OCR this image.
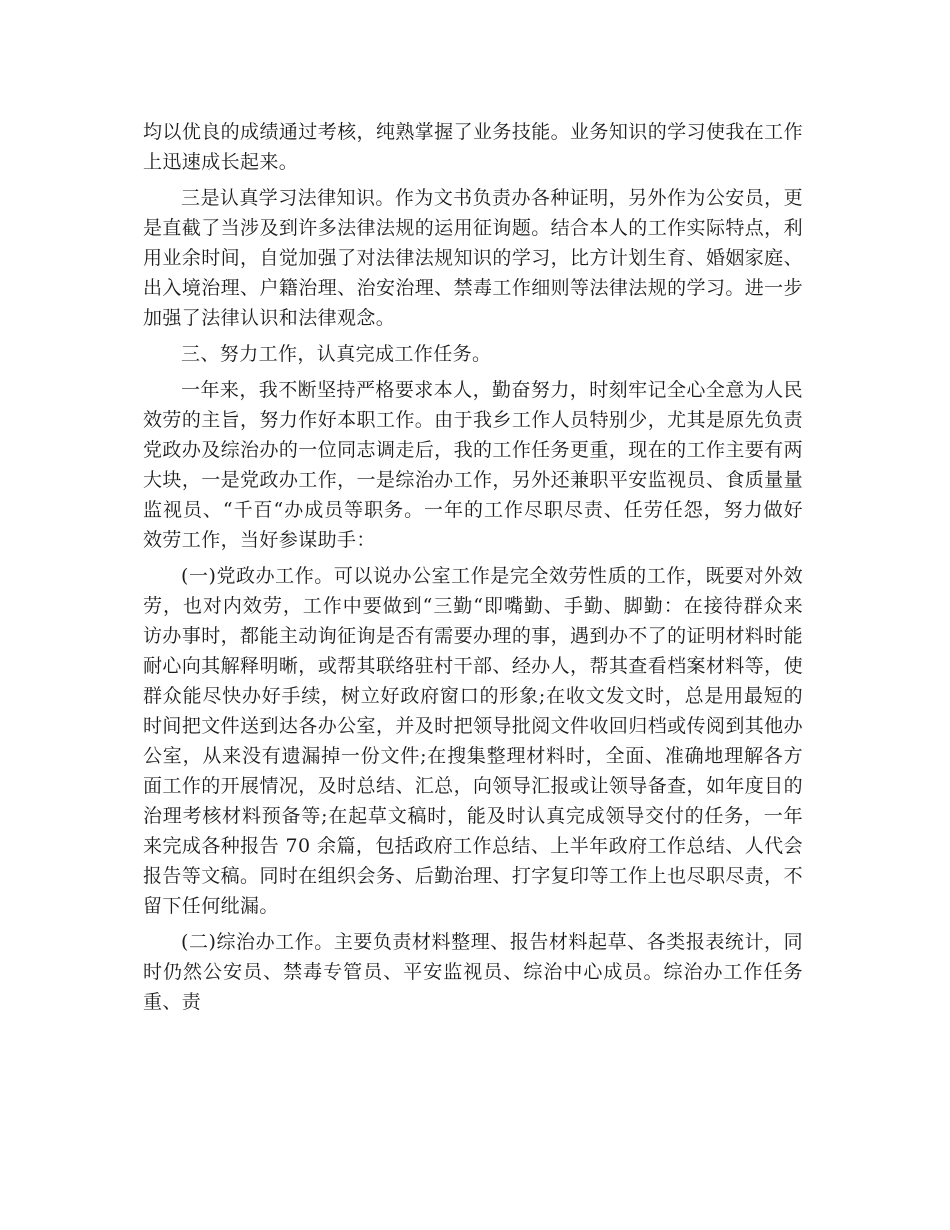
均以优良的成绩通过考核，纯熟掌握了业务技能。业务知识的学习使我在工作上迅速成长起来。

三是认真学习法律知识。作为文书负责办各种证明，另外作为公安员，更是直截了当涉及到许多法律法规的运用征询题。结合本人的工作实际特点，利用业余时间，自觉加强了对法律法规知识的学习，比方计划生育、婚姻家庭、出入境治理、户籍治理、治安治理、禁毒工作细则等法律法规的学习。进一步加强了法律认识和法律观念。

三、努力工作，认真完成工作任务。

一年来，我不断坚持严格要求本人，勤奋努力，时刻牢记全心全意为人民效劳的主旨，努力作好本职工作。由于我乡工作人员特别少，尤其是原先负责党政办及综治办的一位同志调走后，我的工作任务更重，现在的工作主要有两大块，一是党政办工作，一是综治办工作，另外还兼职平安监视员、食质量量监视员、“千百“办成员等职务。一年的工作尽职尽责、任劳任怨，努力做好效劳工作，当好参谋助手：

(一)党政办工作。可以说办公室工作是完全效劳性质的工作，既要对外效劳，也对内效劳，工作中要做到“三勤“即嘴勤、手勤、脚勤：在接待群众来访办事时，都能主动询征询是否有需要办理的事，遇到办不了的证明材料时能耐心向其解释明晰，或帮其联络驻村干部、经办人，帮其查看档案材料等，使群众能尽快办好手续，树立好政府窗口的形象;在收文发文时，总是用最短的时间把文件送到达各办公室，并及时把领导批阅文件收回归档或传阅到其他办公室，从来没有遗漏掉一份文件;在搜集整理材料时，全面、准确地理解各方面工作的开展情况，及时总结、汇总，向领导汇报或让领导备查，如年度目的治理考核材料预备等;在起草文稿时，能及时认真完成领导交付的任务，一年来完成各种报告 70 余篇，包括政府工作总结、上半年政府工作总结、人代会报告等文稿。同时在组织会务、后勤治理、打字复印等工作上也尽职尽责，不留下任何纰漏。

(二)综治办工作。主要负责材料整理、报告材料起草、各类报表统计，同时仍然公安员、禁毒专管员、平安监视员、综治中心成员。综治办工作任务重、责
